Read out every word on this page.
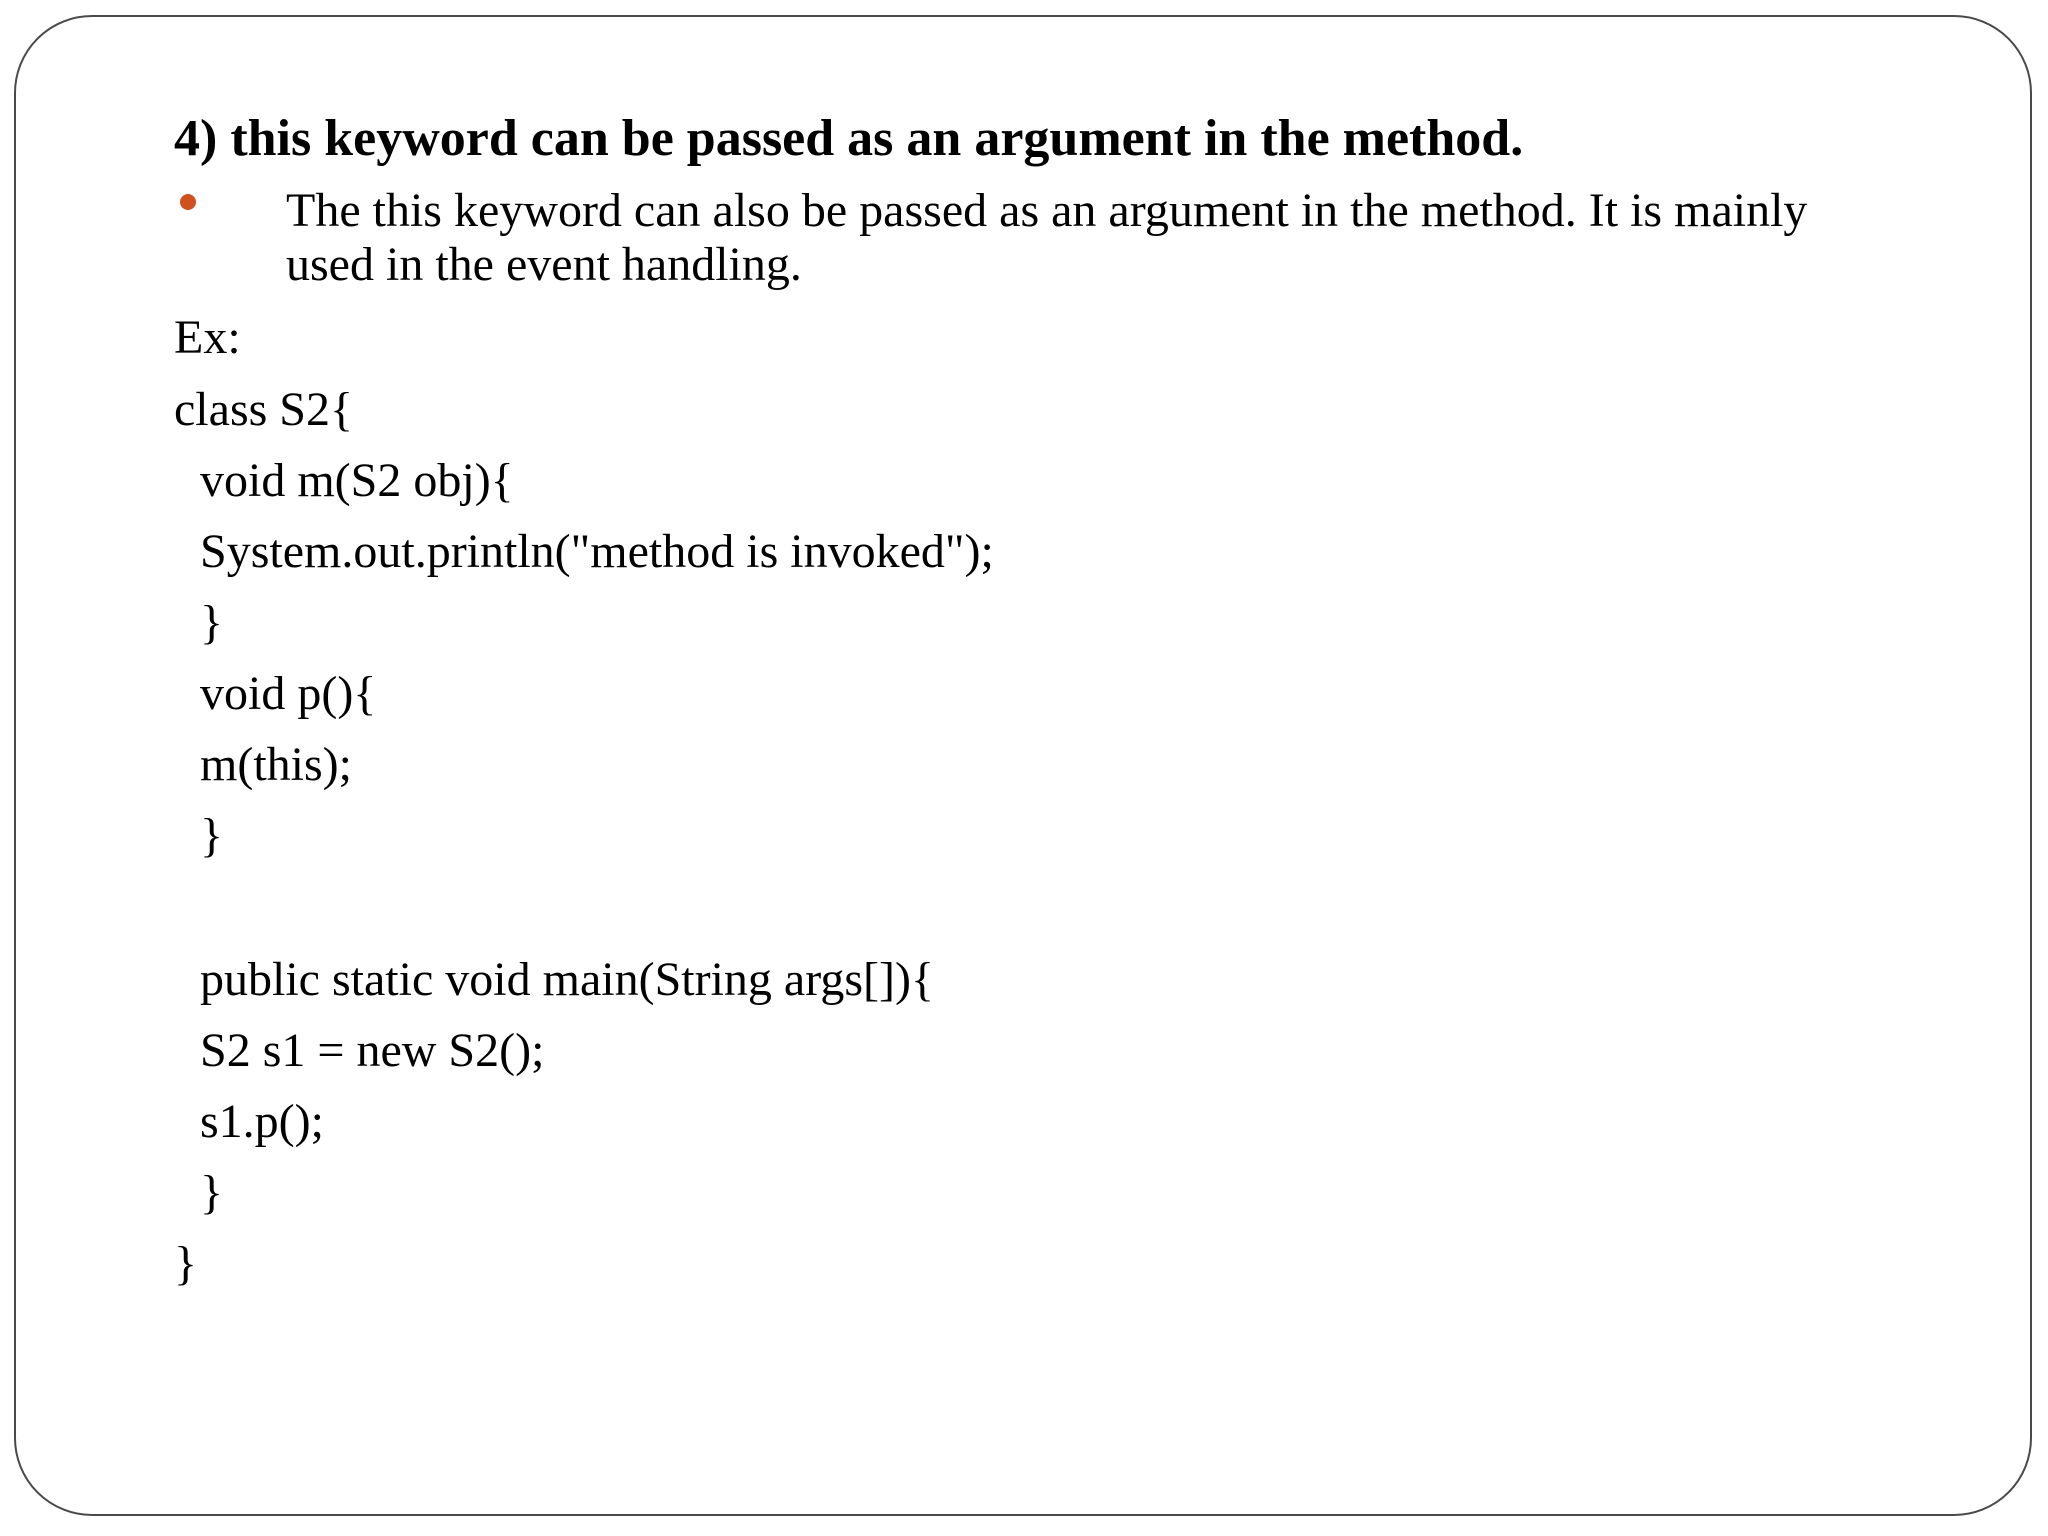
4) this keyword can be passed as an argument in the method.
The this keyword can also be passed as an argument in the method. It is mainly used in the event handling.
Ex:
class S2{
void m(S2 obj){
System.out.println("method is invoked");
}
void p(){
m(this);
}
public static void main(String args[]){
S2 s1 = new S2();
s1.p();
}
}
